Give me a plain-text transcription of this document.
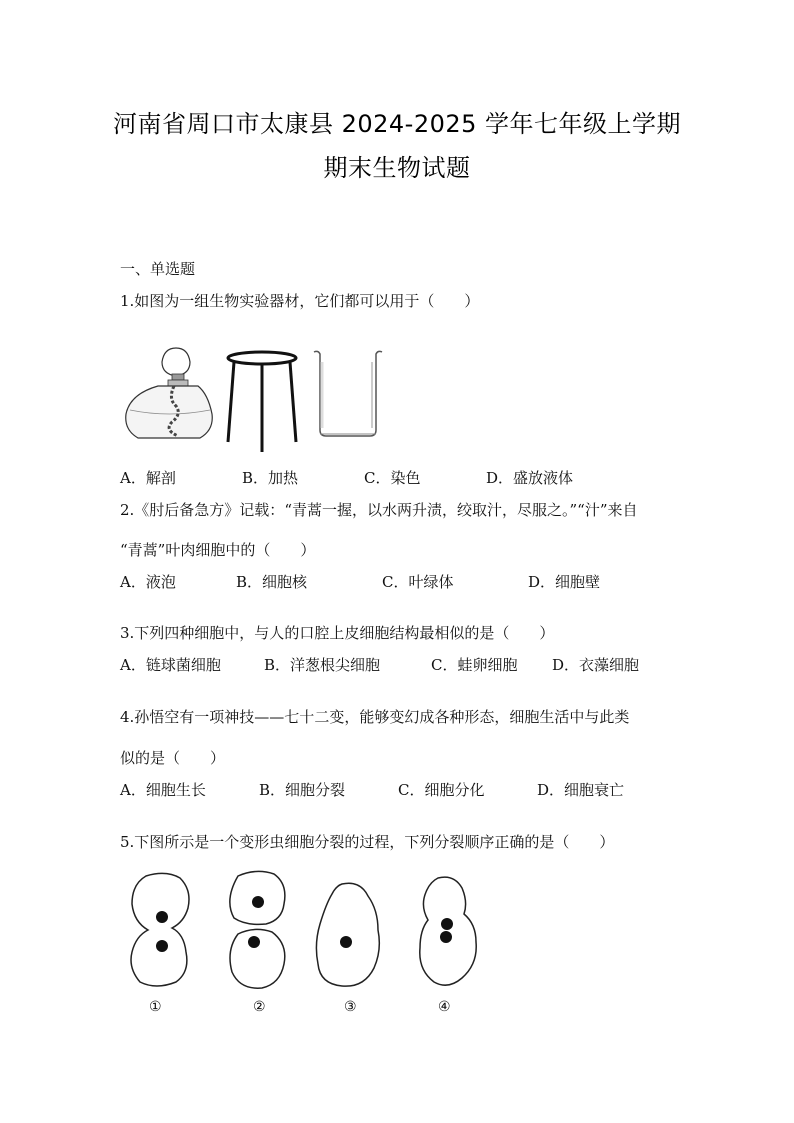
河南省周口市太康县 2024-2025 学年七年级上学期
期末生物试题
一、单选题
1.如图为一组生物实验器材，它们都可以用于（　　）
A．解剖	B．加热	C．染色	D．盛放液体
2.《肘后备急方》记载：“青蒿一握，以水两升渍，绞取汁，尽服之。”“汁”来自
“青蒿”叶肉细胞中的（　　）
A．液泡	B．细胞核	C．叶绿体	D．细胞壁
3.下列四种细胞中，与人的口腔上皮细胞结构最相似的是（　　）
A．链球菌细胞	B．洋葱根尖细胞	C．蛙卵细胞 D．衣藻细胞
4.孙悟空有一项神技——七十二变，能够变幻成各种形态，细胞生活中与此类
似的是（　　）
A．细胞生长	B．细胞分裂	C．细胞分化	D．细胞衰亡
5.下图所示是一个变形虫细胞分裂的过程，下列分裂顺序正确的是（　　）
①	②	③	④
